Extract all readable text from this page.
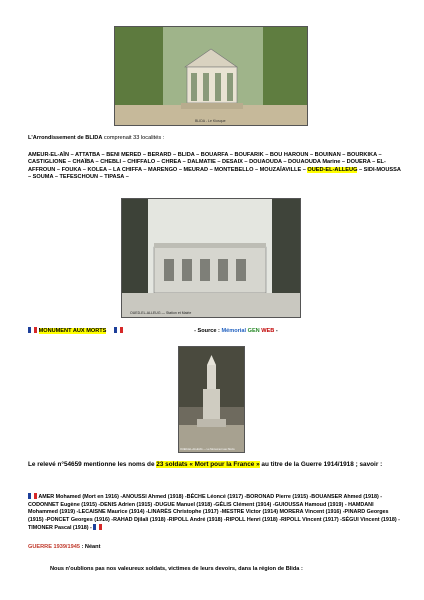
BLIDA - Le Kiosque
L'Arrondissement de BLIDA comprenait 33 localités :
AMEUR-EL-AÏN – ATTATBA – BENI MERED – BERARD – BLIDA – BOUARFA – BOUFARIK – BOU HAROUN – BOUINAN – BOURKIKA – CASTIGLIONE – CHAÏBA – CHEBLI – CHIFFALO – CHREA – DALMATIE – DESAIX – DOUAOUDA – DOUAOUDA Marine – DOUERA – EL-AFFROUN – FOUKA – KOLEA – LA CHIFFA – MARENGO – MEURAD – MONTEBELLO – MOUZAÏAVILLE – OUED-EL-ALLEUG – SIDI-MOUSSA – SOUMA – TEFESCHOUN – TIPASA –
OUED-EL-ALLEUG — Station et Mairie
MONUMENT AUX MORTS	- Source : Mémorial GEN WEB -
OUED-EL-ALLEUG — Le Monument aux Morts
Le relevé n°54659 mentionne les noms de 23 soldats « Mort pour la France » au titre de la Guerre 1914/1918 ; savoir :
AMER Mohamed (Mort en 1916) -ANOUSSI Ahmed (1918) -BÉCHE Léoncé (1917) -BORONAD Pierre (1915) -BOUANSER Ahmed (1918) -CODONNET Eugène (1915) -DENIS Adrien (1915) -DUGUE Manuel (1918) -GÉLIS Clément (1914) -GUIOUSSA Hamoud (1919) - HAMDANI Mohammed (1919) -LECAISNE Maurice (1914) -LINARÈS Christophe (1917) -MESTRE Victor (1914) MORERA Vincent (1916) -PINARD Georges (1915) -PONCET Georges (1916) -RAHAD Djilali (1918) -RIPOLL André (1918) -RIPOLL Henri (1918) -RIPOLL Vincent (1917) -SÉGUI Vincent (1918) -TIMONER Pascal (1918) -
GUERRE 1939/1945 : Néant
Nous n'oublions pas nos valeureux soldats, victimes de leurs devoirs, dans la région de Blida :
